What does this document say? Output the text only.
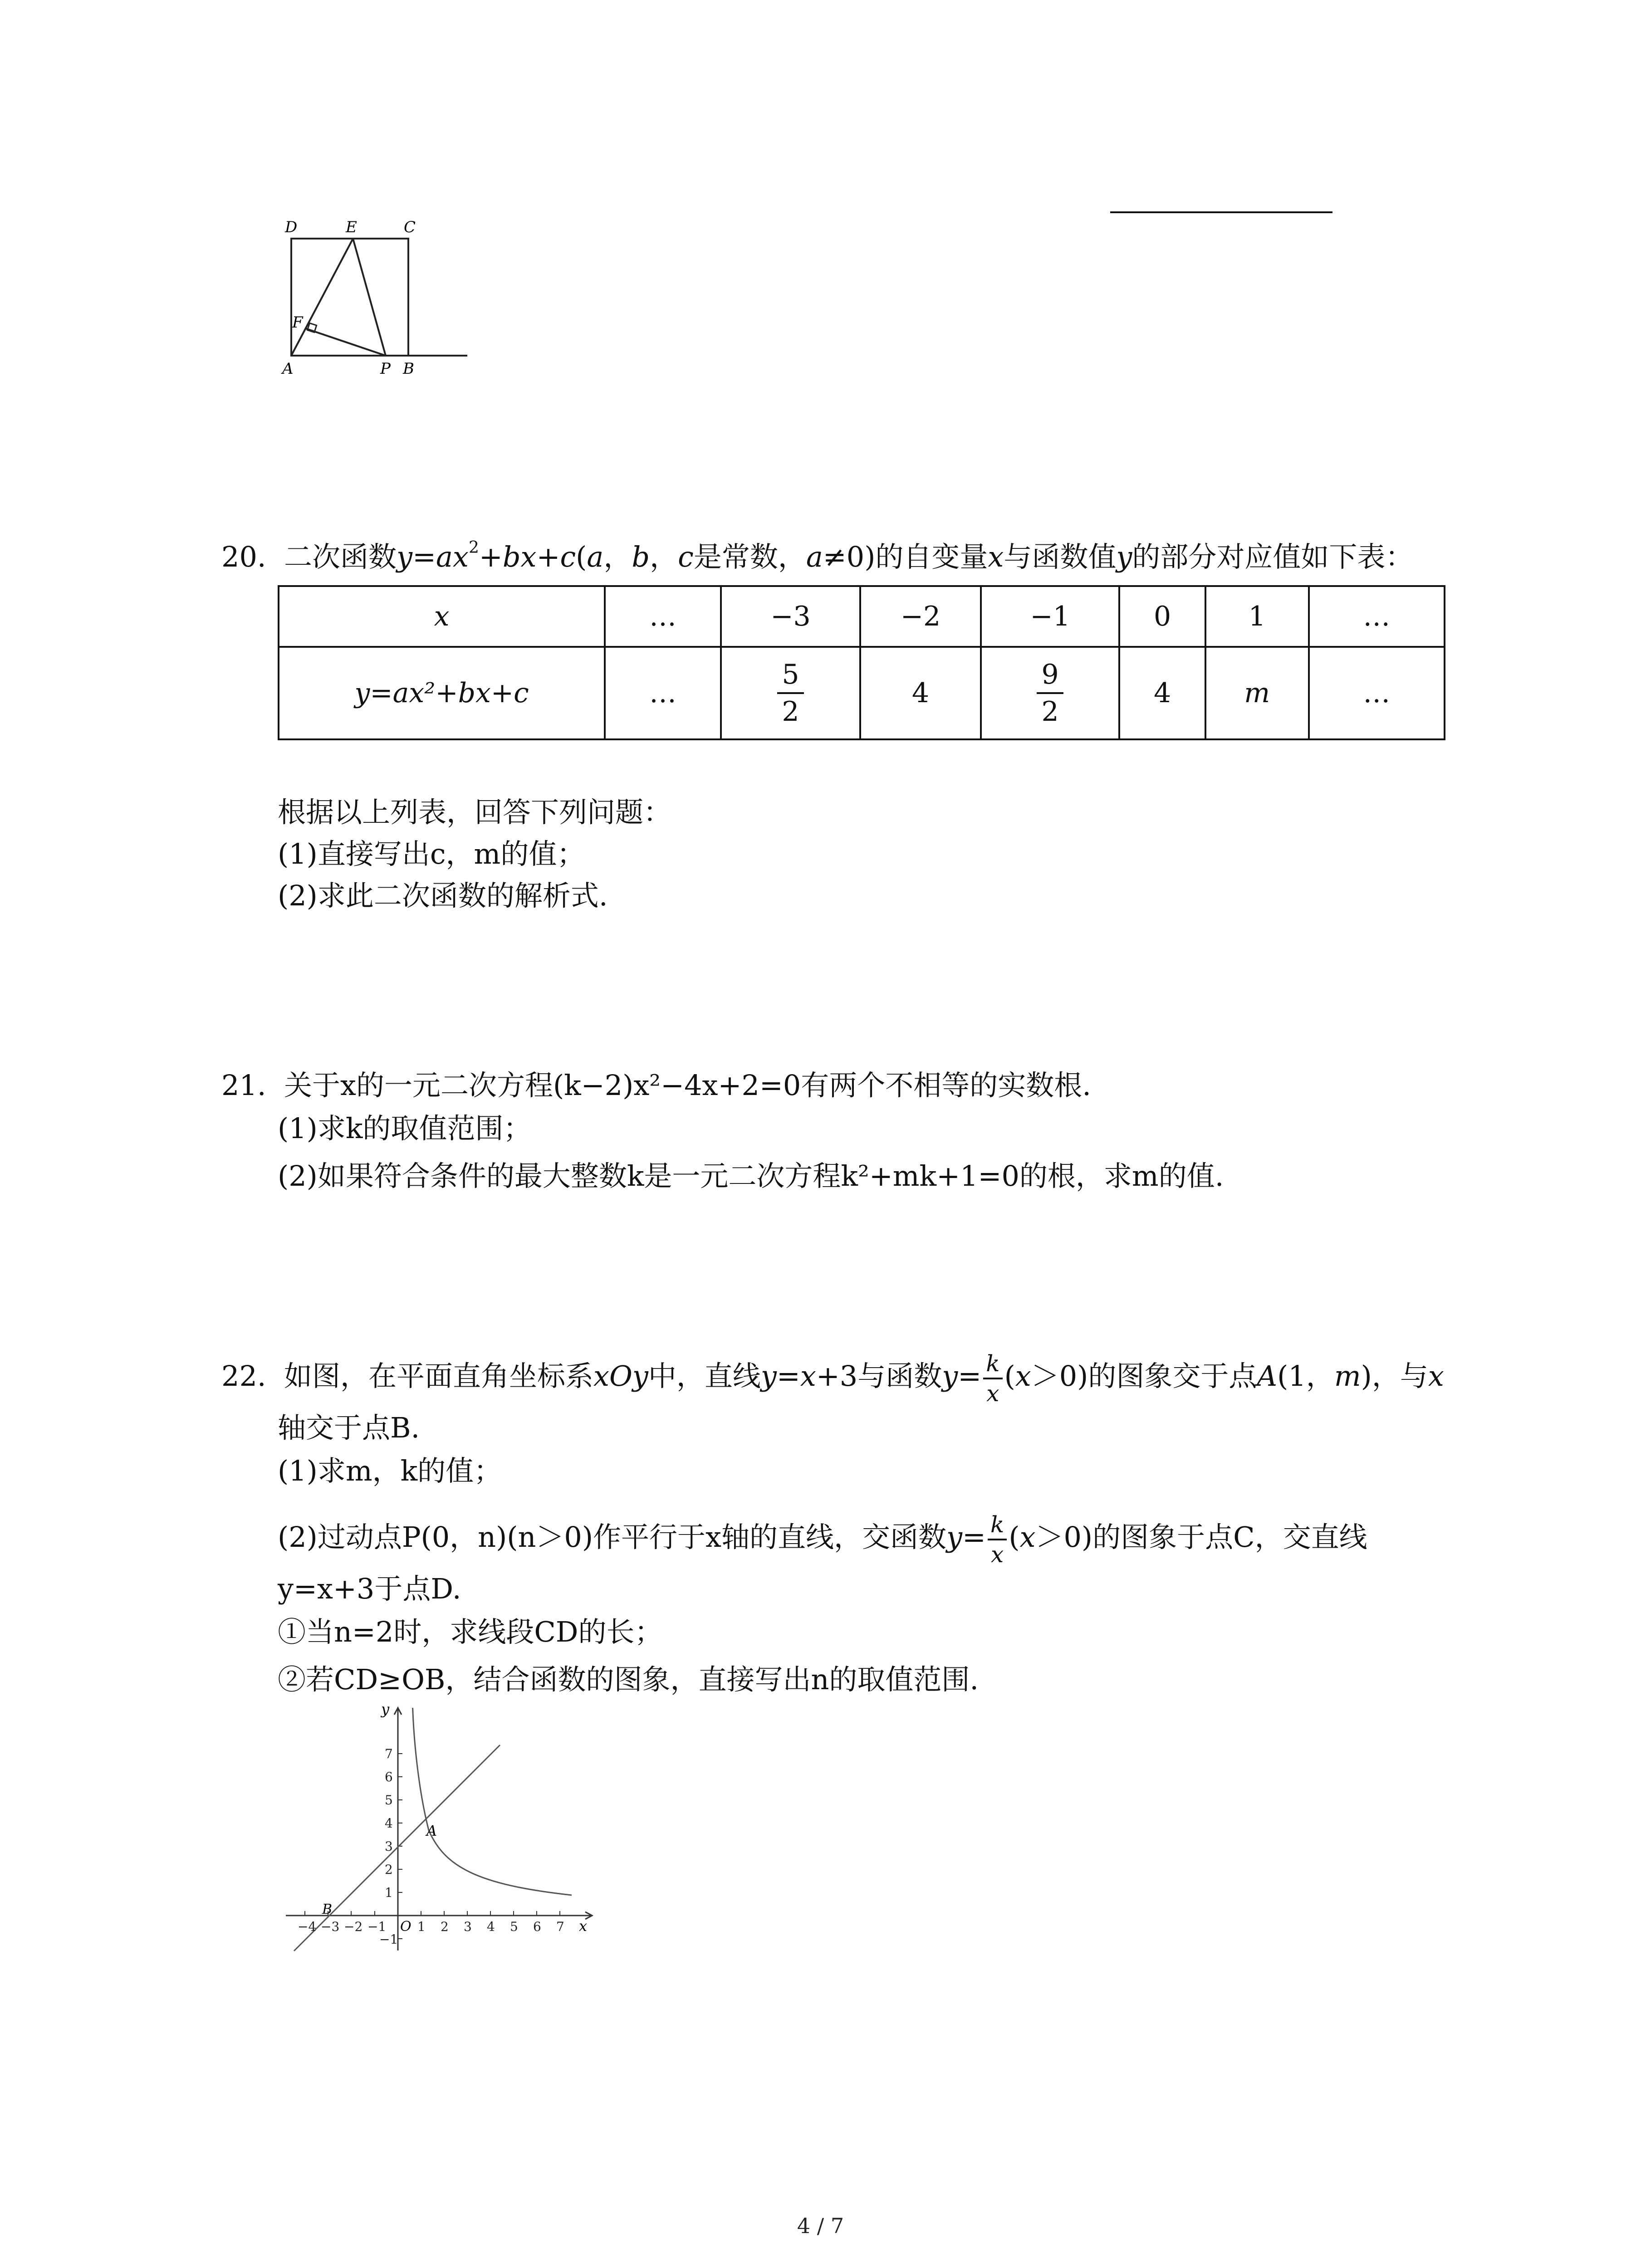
D	E	C
F
A	P B
20. 二次函数$y=ax^2+bx+c(a$，b，c是常数，a≠0)的自变量x与函数值y的部分对应值如下表：
x	…	−3	−2	−1	0	1	…
y=ax²+bx+c	…	$\frac{5}{2}$	4	$\frac{9}{2}$	4	m	…
根据以上列表，回答下列问题：
(1)直接写出c，m的值；
(2)求此二次函数的解析式.
21. 关于x的一元二次方程(k−2)x²−4x+2=0有两个不相等的实数根.
(1)求k的取值范围；
(2)如果符合条件的最大整数k是一元二次方程k²+mk+1=0的根，求m的值.
22. 如图，在平面直角坐标系xOy中，直线y=x+3与函数$y= \frac{k}{x} (x>0)$的图象交于点A(1，m)，与x
轴交于点B.
(1)求m，k的值；
(2)过动点P(0，n)(n＞0)作平行于x轴的直线，交函数$y= \frac{k}{x} (x>0)$的图象于点C，交直线
y=x+3于点D.
①当n=2时，求线段CD的长；
②若CD≥OB，结合函数的图象，直接写出n的取值范围.
7
6
5
4
3
2
1
−1
−4 −3 −2 −1 1 2 3 4 5 6 7
O	x
y
A
B
4 / 7
